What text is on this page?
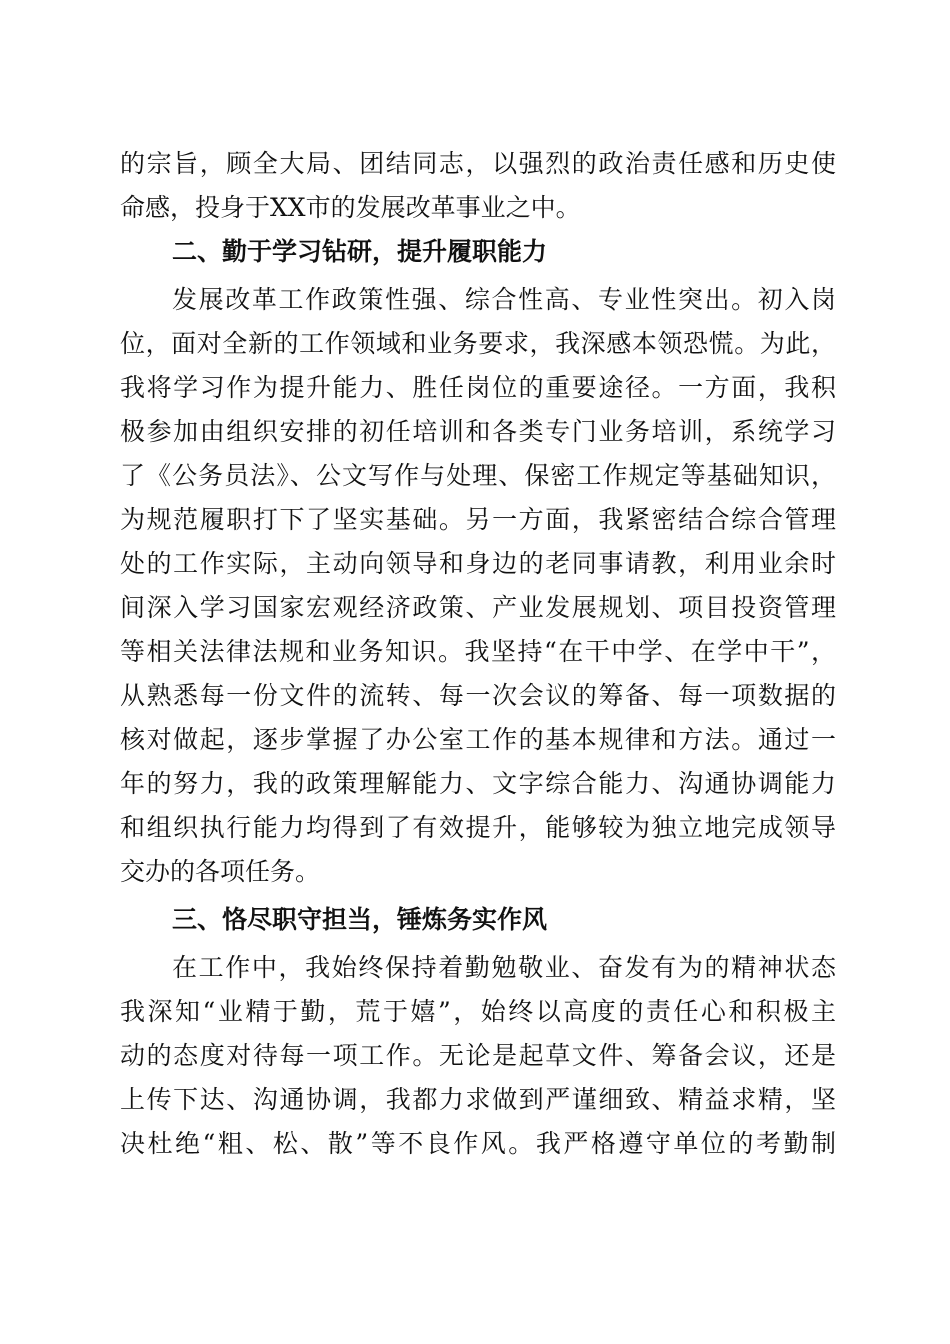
的宗旨，顾全大局、团结同志，以强烈的政治责任感和历史使
命感，投身于XX市的发展改革事业之中。
二、勤于学习钻研，提升履职能力
发展改革工作政策性强、综合性高、专业性突出。初入岗
位，面对全新的工作领域和业务要求，我深感本领恐慌。为此，
我将学习作为提升能力、胜任岗位的重要途径。一方面，我积
极参加由组织安排的初任培训和各类专门业务培训，系统学习
了《公务员法》、公文写作与处理、保密工作规定等基础知识，
为规范履职打下了坚实基础。另一方面，我紧密结合综合管理
处的工作实际，主动向领导和身边的老同事请教，利用业余时
间深入学习国家宏观经济政策、产业发展规划、项目投资管理
等相关法律法规和业务知识。我坚持“在干中学、在学中干”，
从熟悉每一份文件的流转、每一次会议的筹备、每一项数据的
核对做起，逐步掌握了办公室工作的基本规律和方法。通过一
年的努力，我的政策理解能力、文字综合能力、沟通协调能力
和组织执行能力均得到了有效提升，能够较为独立地完成领导
交办的各项任务。
三、恪尽职守担当，锤炼务实作风
在工作中，我始终保持着勤勉敬业、奋发有为的精神状态
我深知“业精于勤，荒于嬉”，始终以高度的责任心和积极主
动的态度对待每一项工作。无论是起草文件、筹备会议，还是
上传下达、沟通协调，我都力求做到严谨细致、精益求精，坚
决杜绝“粗、松、散”等不良作风。我严格遵守单位的考勤制
